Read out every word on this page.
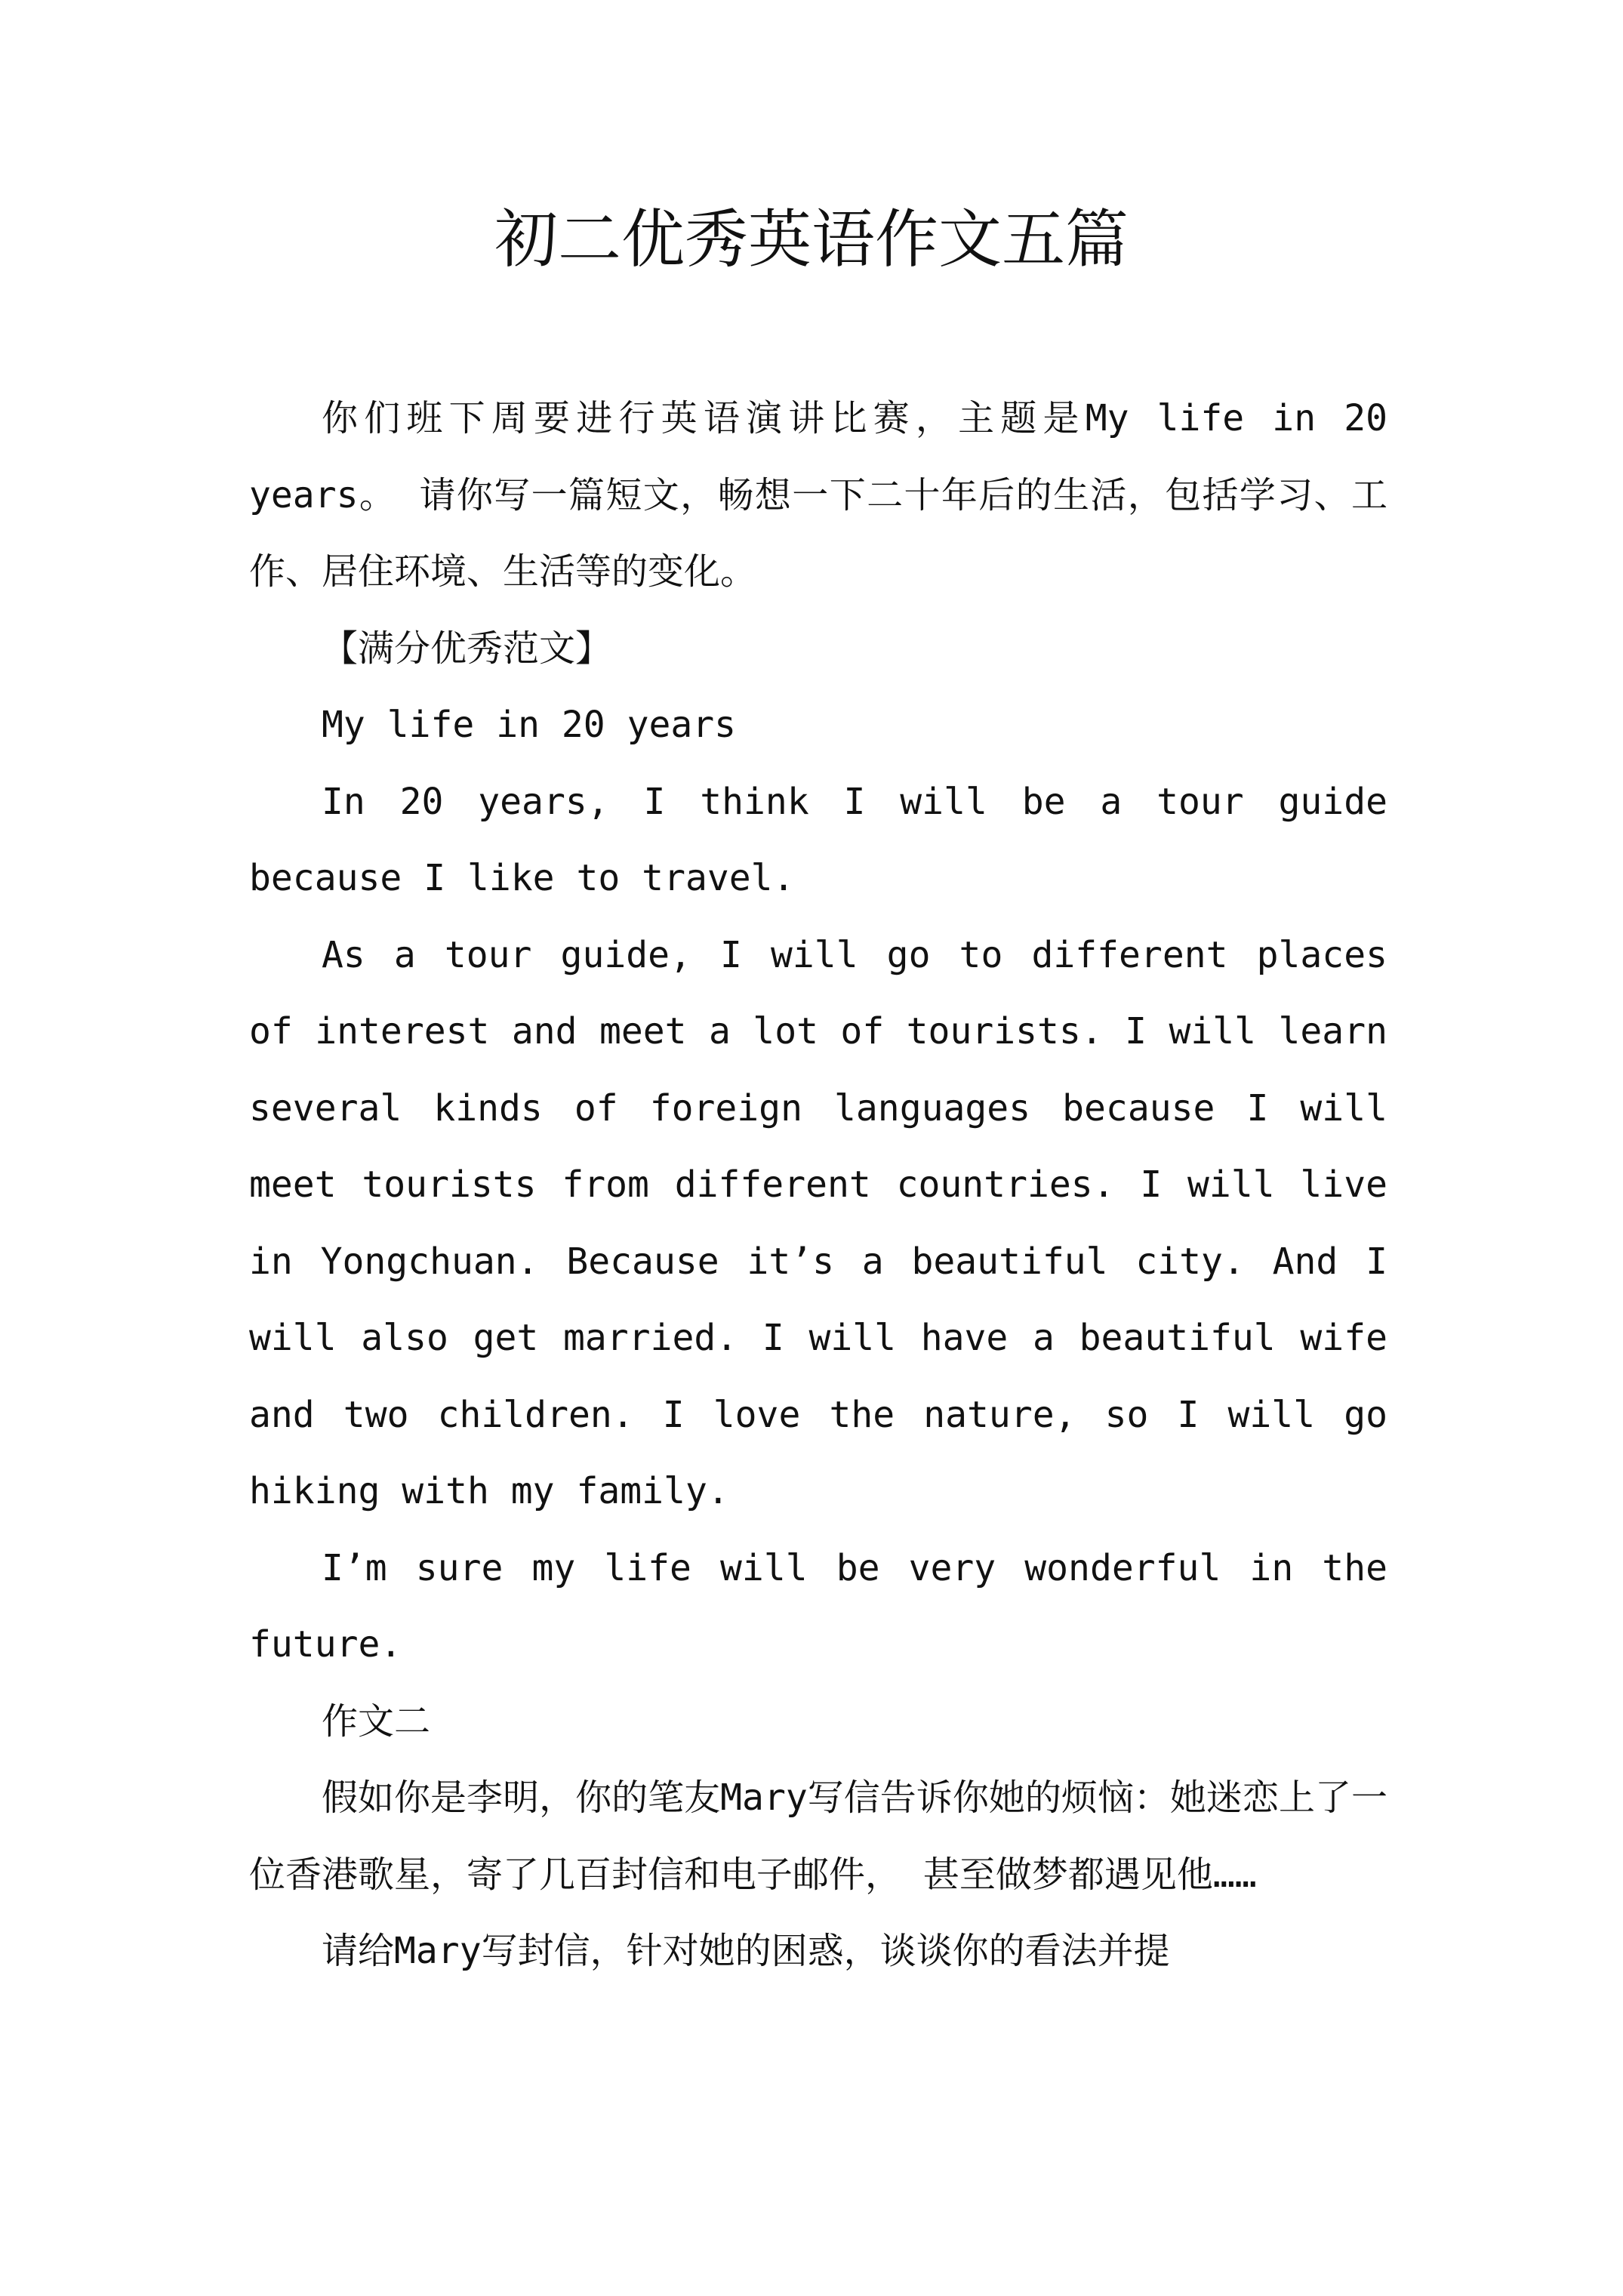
初二优秀英语作文五篇

你们班下周要进行英语演讲比赛，主题是My life in 20 years。 请你写一篇短文，畅想一下二十年后的生活，包括学习、工作、居住环境、生活等的变化。

【满分优秀范文】

My life in 20 years

In 20 years, I think I will be a tour guide because I like to travel.

As a tour guide, I will go to different places of interest and meet a lot of tourists. I will learn several kinds of foreign languages because I will meet tourists from different countries. I will live in Yongchuan. Because it’s a beautiful city. And I will also get married. I will have a beautiful wife and two children. I love the nature, so I will go hiking with my family.

I’m sure my life will be very wonderful in the future.

作文二

假如你是李明，你的笔友Mary写信告诉你她的烦恼：她迷恋上了一位香港歌星，寄了几百封信和电子邮件， 甚至做梦都遇见他……

请给Mary写封信，针对她的困惑，谈谈你的看法并提
